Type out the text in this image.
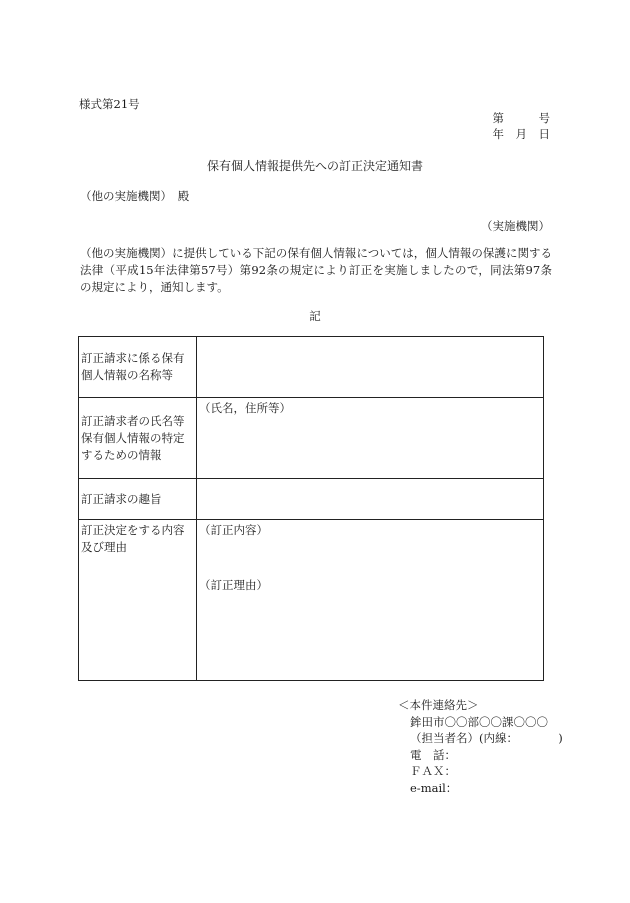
様式第21号
第　　　号
年　月　日
保有個人情報提供先への訂正決定通知書
（他の実施機関）　殿
（実施機関）
（他の実施機関）に提供している下記の保有個人情報については，個人情報の保護に関する法律（平成15年法律第57号）第92条の規定により訂正を実施しましたので，同法第97条の規定により，通知します。
記
訂正請求に係る保有個人情報の名称等	
訂正請求者の氏名等保有個人情報の特定するための情報	（氏名，住所等）

訂正請求の趣旨	
訂正決定をする内容及び理由	（訂正内容）
（訂正理由）
＜本件連絡先＞
鉾田市〇〇部〇〇課〇〇〇
（担当者名）(内線：　　　　)
電　話：
ＦＡＸ：
e-mail：
